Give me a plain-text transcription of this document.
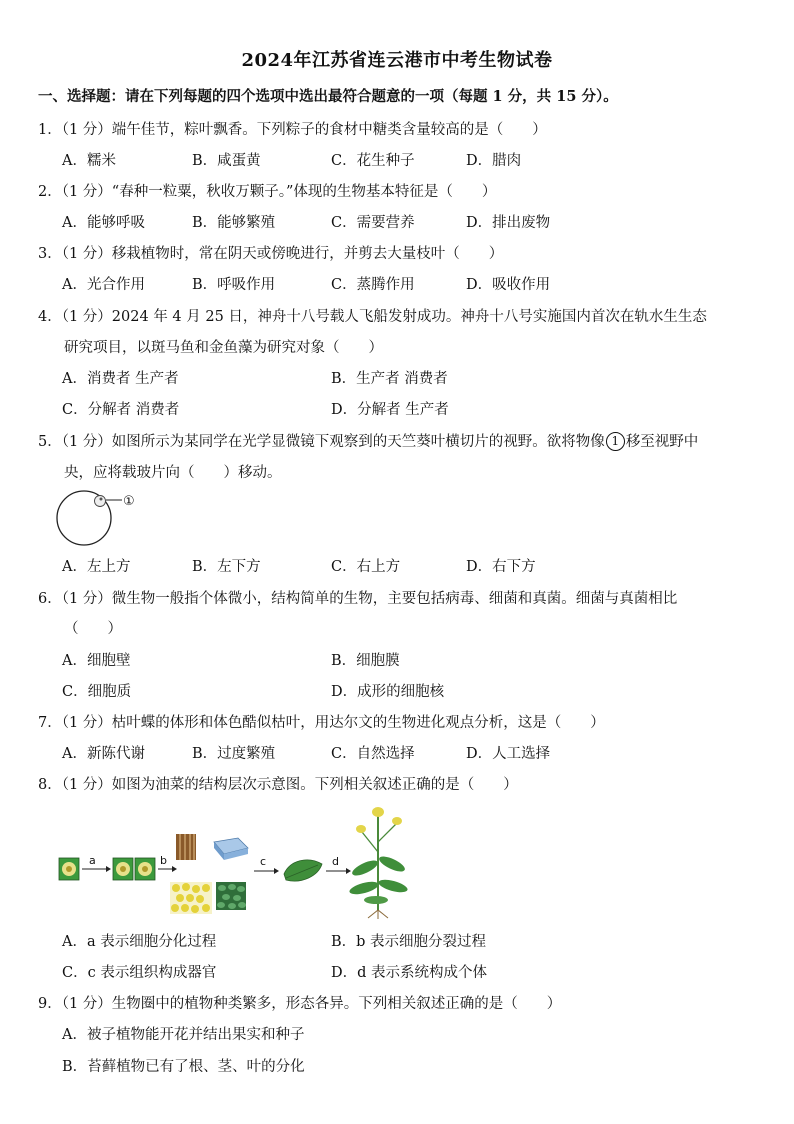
2024年江苏省连云港市中考生物试卷
一、选择题：请在下列每题的四个选项中选出最符合题意的一项（每题 1 分，共 15 分）。
1．（1 分）端午佳节，粽叶飘香。下列粽子的食材中糖类含量较高的是（　　）
A．糯米	B．咸蛋黄	C．花生种子	D．腊肉
2．（1 分）“春种一粒粟，秋收万颗子。”体现的生物基本特征是（　　）
A．能够呼吸	B．能够繁殖	C．需要营养	D．排出废物
3．（1 分）移栽植物时，常在阴天或傍晚进行，并剪去大量枝叶（　　）
A．光合作用	B．呼吸作用	C．蒸腾作用	D．吸收作用
4．（1 分）2024 年 4 月 25 日，神舟十八号载人飞船发射成功。神舟十八号实施国内首次在轨水生生态
研究项目，以斑马鱼和金鱼藻为研究对象（　　）
A．消费者 生产者	B．生产者 消费者
C．分解者 消费者	D．分解者 生产者
5．（1 分）如图所示为某同学在光学显微镜下观察到的天竺葵叶横切片的视野。欲将物像 1 移至视野中
央，应将载玻片向（　　）移动。
①
A．左上方	B．左下方	C．右上方	D．右下方
6．（1 分）微生物一般指个体微小，结构简单的生物，主要包括病毒、细菌和真菌。细菌与真菌相比
（　　）
A．细胞壁	B．细胞膜
C．细胞质	D．成形的细胞核
7．（1 分）枯叶蝶的体形和体色酷似枯叶，用达尔文的生物进化观点分析，这是（　　）
A．新陈代谢	B．过度繁殖	C．自然选择	D．人工选择
8．（1 分）如图为油菜的结构层次示意图。下列相关叙述正确的是（　　）
a	b	c	d
A．a 表示细胞分化过程	B．b 表示细胞分裂过程
C．c 表示组织构成器官	D．d 表示系统构成个体
9．（1 分）生物圈中的植物种类繁多，形态各异。下列相关叙述正确的是（　　）
A．被子植物能开花并结出果实和种子
B．苔藓植物已有了根、茎、叶的分化
